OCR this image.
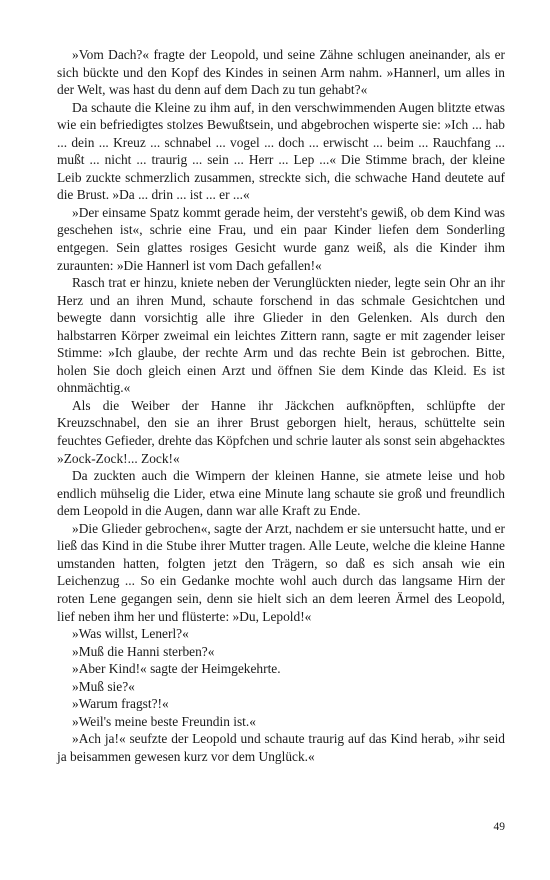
»Vom Dach?« fragte der Leopold, und seine Zähne schlugen aneinander, als er sich bückte und den Kopf des Kindes in seinen Arm nahm. »Hannerl, um alles in der Welt, was hast du denn auf dem Dach zu tun gehabt?«

Da schaute die Kleine zu ihm auf, in den verschwimmenden Augen blitzte etwas wie ein befriedigtes stolzes Bewußtsein, und abgebrochen wisperte sie: »Ich ... hab ... dein ... Kreuz ... schnabel ... vogel ... doch ... erwischt ... beim ... Rauchfang ... mußt ... nicht ... traurig ... sein ... Herr ... Lep ...« Die Stimme brach, der kleine Leib zuckte schmerzlich zusammen, streckte sich, die schwache Hand deutete auf die Brust. »Da ... drin ... ist ... er ...«

»Der einsame Spatz kommt gerade heim, der versteht's gewiß, ob dem Kind was geschehen ist«, schrie eine Frau, und ein paar Kinder liefen dem Sonderling entgegen. Sein glattes rosiges Gesicht wurde ganz weiß, als die Kinder ihm zuraunten: »Die Hannerl ist vom Dach gefallen!«

Rasch trat er hinzu, kniete neben der Verunglückten nieder, legte sein Ohr an ihr Herz und an ihren Mund, schaute forschend in das schmale Gesichtchen und bewegte dann vorsichtig alle ihre Glieder in den Gelenken. Als durch den halbstarren Körper zweimal ein leichtes Zittern rann, sagte er mit zagender leiser Stimme: »Ich glaube, der rechte Arm und das rechte Bein ist gebrochen. Bitte, holen Sie doch gleich einen Arzt und öffnen Sie dem Kinde das Kleid. Es ist ohnmächtig.«

Als die Weiber der Hanne ihr Jäckchen aufknöpften, schlüpfte der Kreuzschnabel, den sie an ihrer Brust geborgen hielt, heraus, schüttelte sein feuchtes Gefieder, drehte das Köpfchen und schrie lauter als sonst sein abgehacktes »Zock-Zock!... Zock!«

Da zuckten auch die Wimpern der kleinen Hanne, sie atmete leise und hob endlich mühselig die Lider, etwa eine Minute lang schaute sie groß und freundlich dem Leopold in die Augen, dann war alle Kraft zu Ende.

»Die Glieder gebrochen«, sagte der Arzt, nachdem er sie untersucht hatte, und er ließ das Kind in die Stube ihrer Mutter tragen. Alle Leute, welche die kleine Hanne umstanden hatten, folgten jetzt den Trägern, so daß es sich ansah wie ein Leichenzug ... So ein Gedanke mochte wohl auch durch das langsame Hirn der roten Lene gegangen sein, denn sie hielt sich an dem leeren Ärmel des Leopold, lief neben ihm her und flüsterte: »Du, Lepold!«

»Was willst, Lenerl?«

»Muß die Hanni sterben?«

»Aber Kind!« sagte der Heimgekehrte.

»Muß sie?«

»Warum fragst?!«

»Weil's meine beste Freundin ist.«

»Ach ja!« seufzte der Leopold und schaute traurig auf das Kind herab, »ihr seid ja beisammen gewesen kurz vor dem Unglück.«

49
